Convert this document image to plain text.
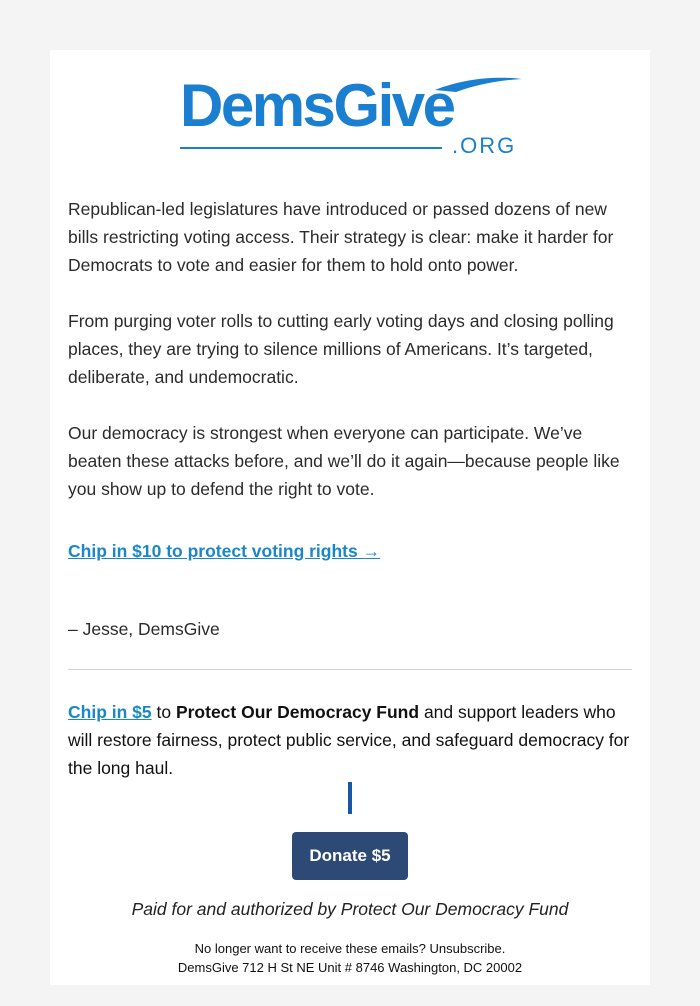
DemsGive
.ORG

Republican-led legislatures have introduced or passed dozens of new bills restricting voting access. Their strategy is clear: make it harder for Democrats to vote and easier for them to hold onto power.

From purging voter rolls to cutting early voting days and closing polling places, they are trying to silence millions of Americans. It’s targeted, deliberate, and undemocratic.

Our democracy is strongest when everyone can participate. We’ve beaten these attacks before, and we’ll do it again—because people like you show up to defend the right to vote.

Chip in $10 to protect voting rights →

– Jesse, DemsGive

Chip in $5 to Protect Our Democracy Fund and support leaders who will restore fairness, protect public service, and safeguard democracy for the long haul.

Donate $5
Paid for and authorized by Protect Our Democracy Fund
No longer want to receive these emails? Unsubscribe.
DemsGive 712 H St NE Unit # 8746 Washington, DC 20002
